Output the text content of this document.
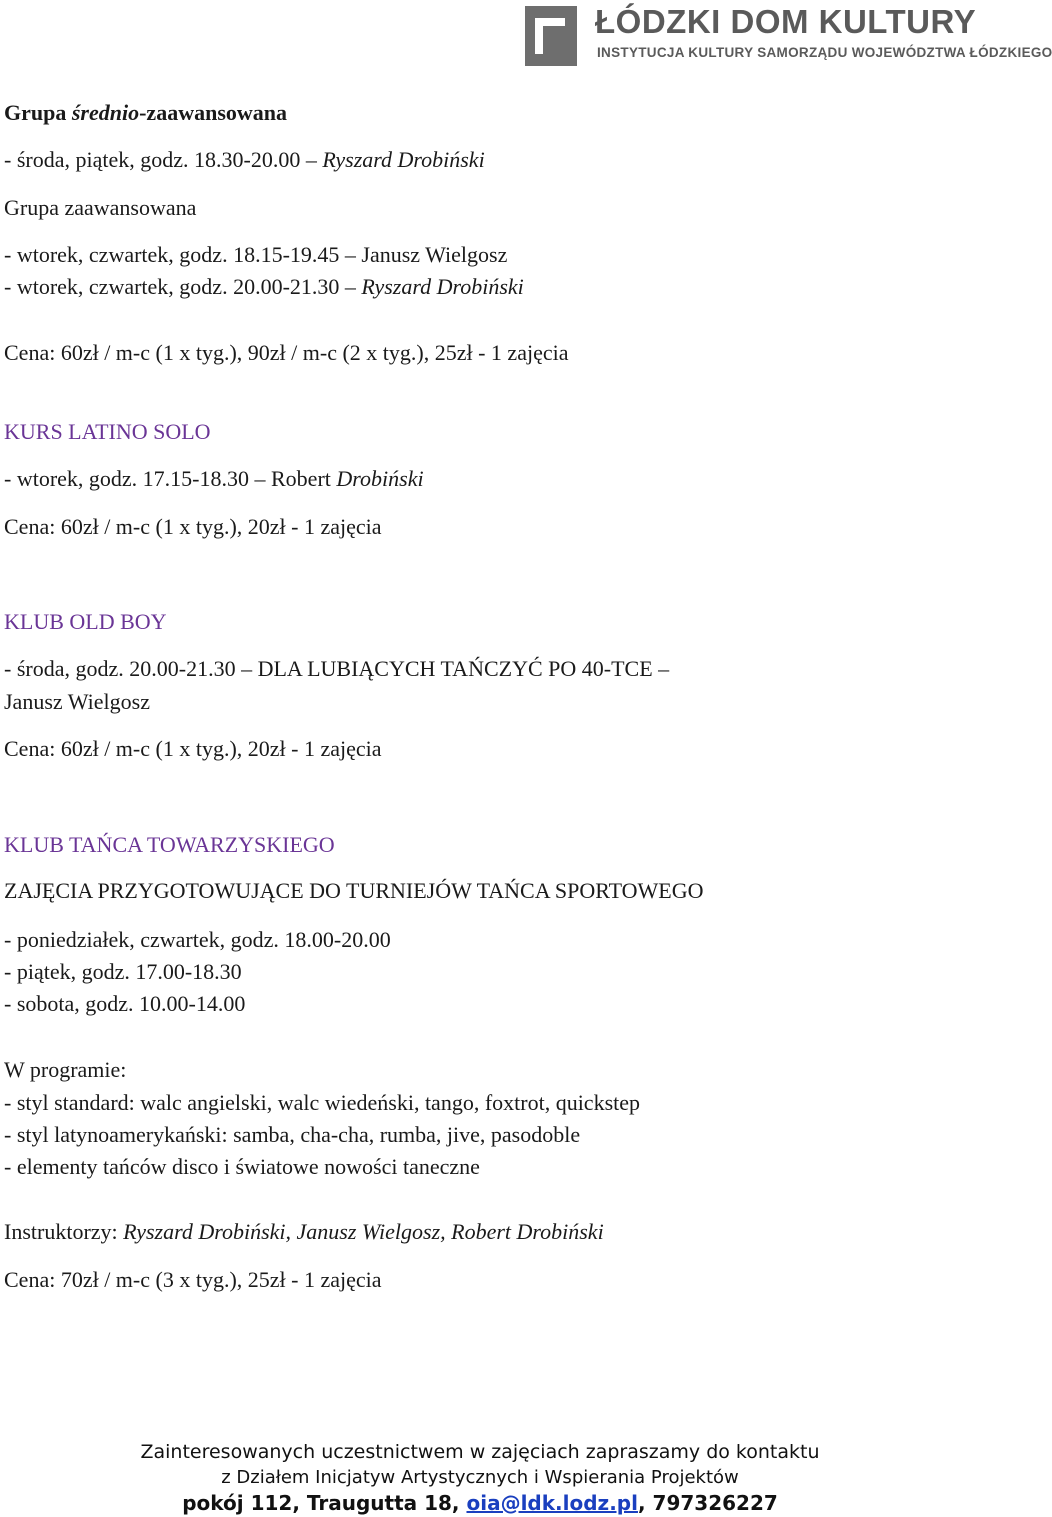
ŁÓDZKI DOM KULTURY
INSTYTUCJA KULTURY SAMORZĄDU WOJEWÓDZTWA ŁÓDZKIEGO
Grupa średnio-zaawansowana
- środa, piątek, godz. 18.30-20.00 – Ryszard Drobiński
Grupa zaawansowana
- wtorek, czwartek, godz. 18.15-19.45 – Janusz Wielgosz
- wtorek, czwartek, godz. 20.00-21.30 – Ryszard Drobiński
Cena: 60zł / m-c (1 x tyg.), 90zł / m-c (2 x tyg.), 25zł - 1 zajęcia
KURS LATINO SOLO
- wtorek, godz. 17.15-18.30 – Robert Drobiński
Cena: 60zł / m-c (1 x tyg.), 20zł - 1 zajęcia
KLUB OLD BOY
- środa, godz. 20.00-21.30 – DLA LUBIĄCYCH TAŃCZYĆ PO 40-TCE –
Janusz Wielgosz
Cena: 60zł / m-c (1 x tyg.), 20zł - 1 zajęcia
KLUB TAŃCA TOWARZYSKIEGO
ZAJĘCIA PRZYGOTOWUJĄCE DO TURNIEJÓW TAŃCA SPORTOWEGO
- poniedziałek, czwartek, godz. 18.00-20.00
- piątek, godz. 17.00-18.30
- sobota, godz. 10.00-14.00
W programie:
- styl standard: walc angielski, walc wiedeński, tango, foxtrot, quickstep
- styl latynoamerykański: samba, cha-cha, rumba, jive, pasodoble
- elementy tańców disco i światowe nowości taneczne
Instruktorzy: Ryszard Drobiński, Janusz Wielgosz, Robert Drobiński
Cena: 70zł / m-c (3 x tyg.), 25zł - 1 zajęcia
Zainteresowanych uczestnictwem w zajęciach zapraszamy do kontaktu
z Działem Inicjatyw Artystycznych i Wspierania Projektów
pokój 112, Traugutta 18, oia@ldk.lodz.pl, 797326227
